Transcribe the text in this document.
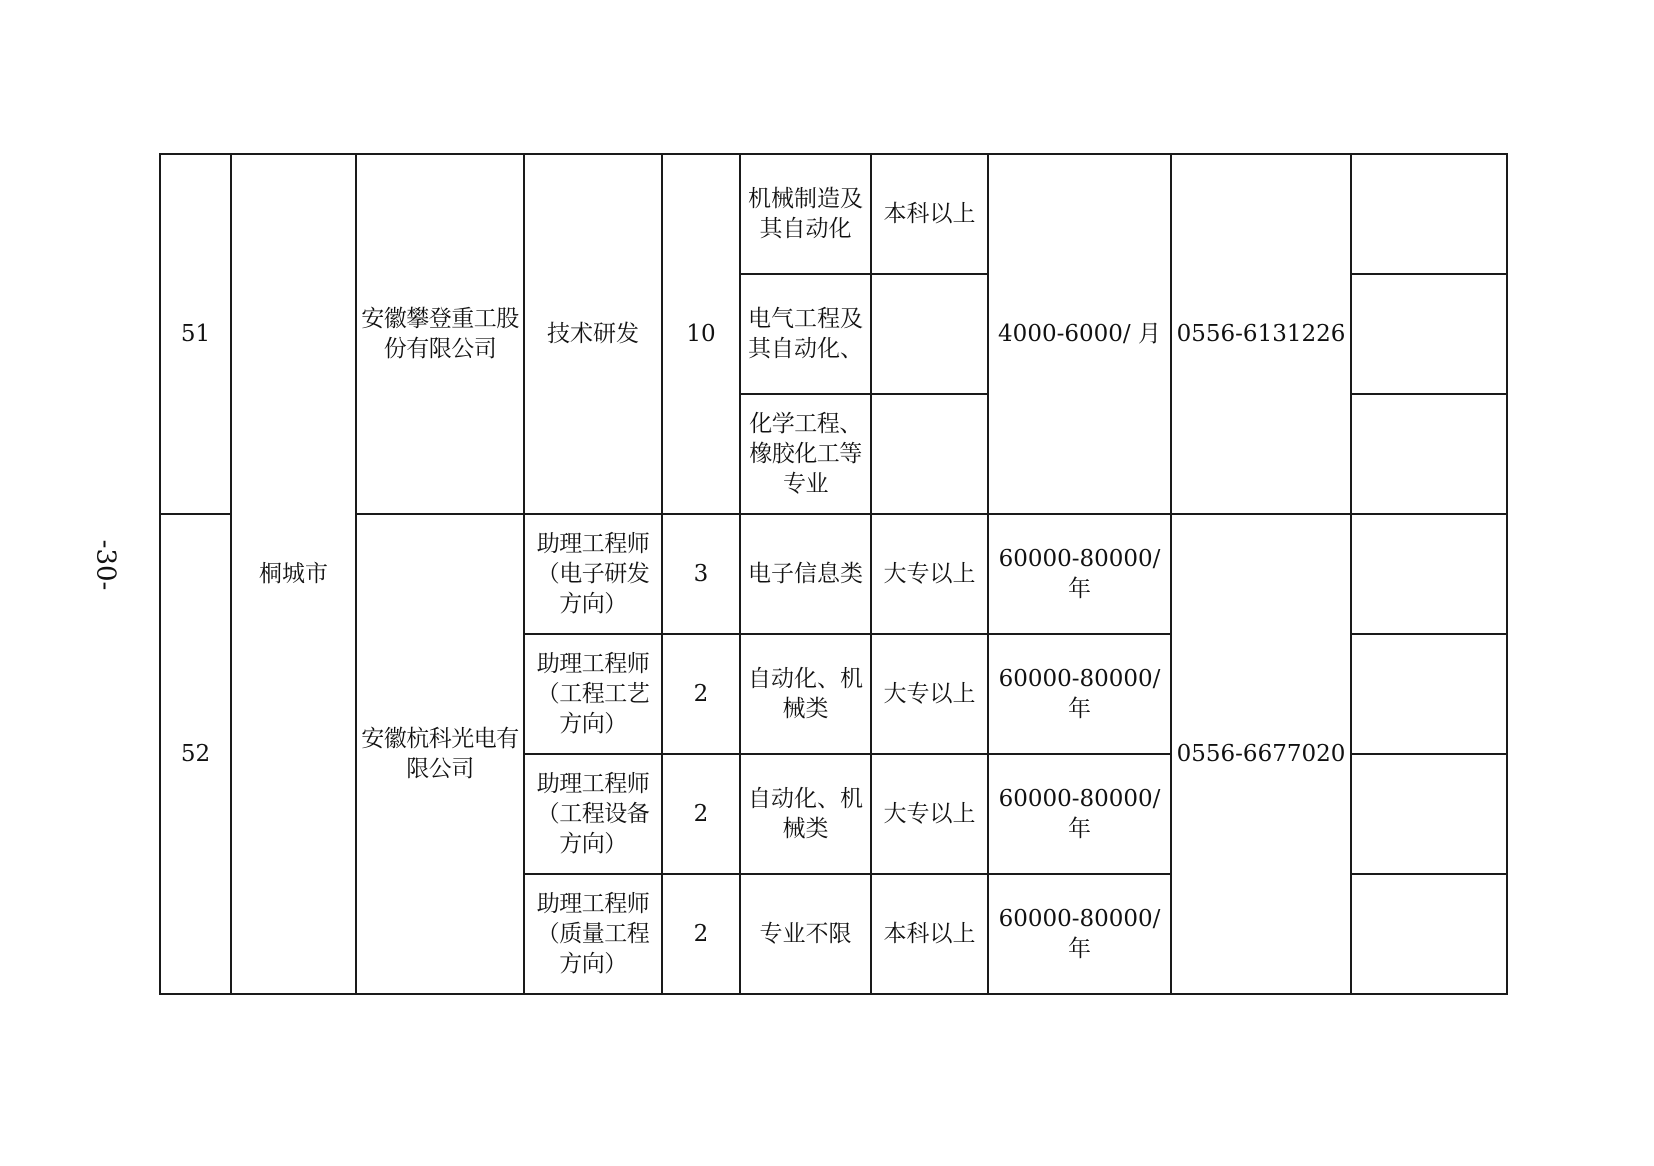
-30-
51	桐城市	安徽攀登重工股份有限公司	技术研发	10	机械制造及其自动化	本科以上	4000-6000/ 月	0556-6131226	
					电气工程及其自动化、				
					化学工程、橡胶化工等专业				
52		安徽杭科光电有限公司	助理工程师（电子研发方向）	3	电子信息类	大专以上	60000-80000/年	0556-6677020	
			助理工程师（工程工艺方向）	2	自动化、机械类	大专以上	60000-80000/年		
			助理工程师（工程设备方向）	2	自动化、机械类	大专以上	60000-80000/年		
			助理工程师（质量工程方向）	2	专业不限	本科以上	60000-80000/年		
